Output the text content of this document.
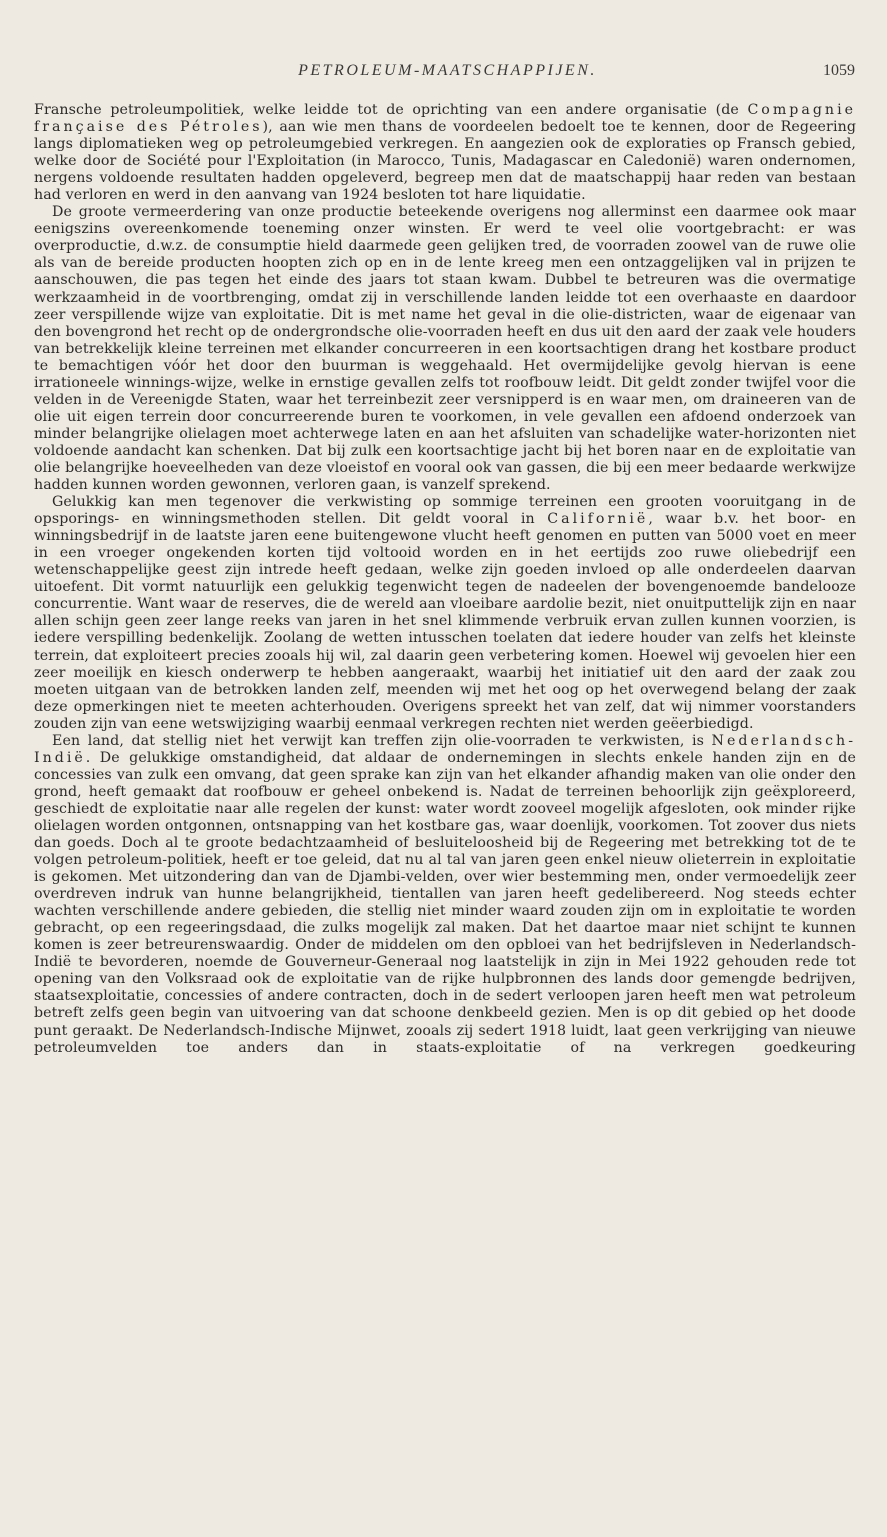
PETROLEUM-MAATSCHAPPIJEN.	1059

Fransche petroleumpolitiek, welke leidde tot de oprichting van een andere organisatie (de Compagnie française des Pétroles), aan wie men thans de voordeelen bedoelt toe te kennen, door de Regeering langs diplomatieken weg op petroleumgebied verkregen. En aangezien ook de exploraties op Fransch gebied, welke door de Société pour l'Exploitation (in Marocco, Tunis, Madagascar en Caledonië) waren ondernomen, nergens voldoende resultaten hadden opgeleverd, begreep men dat de maatschappij haar reden van bestaan had verloren en werd in den aanvang van 1924 besloten tot hare liquidatie.

De groote vermeerdering van onze productie beteekende overigens nog allerminst een daarmee ook maar eenigszins overeenkomende toeneming onzer winsten. Er werd te veel olie voortgebracht: er was overproductie, d.w.z. de consumptie hield daarmede geen gelijken tred, de voorraden zoowel van de ruwe olie als van de bereide producten hoopten zich op en in de lente kreeg men een ontzaggelijken val in prijzen te aanschouwen, die pas tegen het einde des jaars tot staan kwam. Dubbel te betreuren was die overmatige werkzaamheid in de voortbrenging, omdat zij in verschillende landen leidde tot een overhaaste en daardoor zeer verspillende wijze van exploitatie. Dit is met name het geval in die olie-districten, waar de eigenaar van den bovengrond het recht op de ondergrondsche olie-voorraden heeft en dus uit den aard der zaak vele houders van betrekkelijk kleine terreinen met elkander concurreeren in een koortsachtigen drang het kostbare product te bemachtigen vóór het door den buurman is weggehaald. Het overmijdelijke gevolg hiervan is eene irrationeele winnings-wijze, welke in ernstige gevallen zelfs tot roofbouw leidt. Dit geldt zonder twijfel voor die velden in de Vereenigde Staten, waar het terreinbezit zeer versnipperd is en waar men, om draineeren van de olie uit eigen terrein door concurreerende buren te voorkomen, in vele gevallen een afdoend onderzoek van minder belangrijke olielagen moet achterwege laten en aan het afsluiten van schadelijke water-horizonten niet voldoende aandacht kan schenken. Dat bij zulk een koortsachtige jacht bij het boren naar en de exploitatie van olie belangrijke hoeveelheden van deze vloeistof en vooral ook van gassen, die bij een meer bedaarde werkwijze hadden kunnen worden gewonnen, verloren gaan, is vanzelf sprekend.

Gelukkig kan men tegenover die verkwisting op sommige terreinen een grooten vooruitgang in de opsporings- en winningsmethoden stellen. Dit geldt vooral in Californië, waar b.v. het boor- en winningsbedrijf in de laatste jaren eene buitengewone vlucht heeft genomen en putten van 5000 voet en meer in een vroeger ongekenden korten tijd voltooid worden en in het eertijds zoo ruwe oliebedrijf een wetenschappelijke geest zijn intrede heeft gedaan, welke zijn goeden invloed op alle onderdeelen daarvan uitoefent. Dit vormt natuurlijk een gelukkig tegenwicht tegen de nadeelen der bovengenoemde bandelooze concurrentie. Want waar de reserves, die de wereld aan vloeibare aardolie bezit, niet onuitputtelijk zijn en naar allen schijn geen zeer lange reeks van jaren in het snel klimmende verbruik ervan zullen kunnen voorzien, is iedere verspilling bedenkelijk. Zoolang de wetten intusschen toelaten dat iedere houder van zelfs het kleinste terrein, dat exploiteert precies zooals hij wil, zal daarin geen verbetering komen. Hoewel wij gevoelen hier een zeer moeilijk en kiesch onderwerp te hebben aangeraakt, waarbij het initiatief uit den aard der zaak zou moeten uitgaan van de betrokken landen zelf, meenden wij met het oog op het overwegend belang der zaak deze opmerkingen niet te meeten achterhouden. Overigens spreekt het van zelf, dat wij nimmer voorstanders zouden zijn van eene wetswijziging waarbij eenmaal verkregen rechten niet werden geëerbiedigd.

Een land, dat stellig niet het verwijt kan treffen zijn olie-voorraden te verkwisten, is Nederlandsch-Indië. De gelukkige omstandigheid, dat aldaar de ondernemingen in slechts enkele handen zijn en de concessies van zulk een omvang, dat geen sprake kan zijn van het elkander afhandig maken van olie onder den grond, heeft gemaakt dat roofbouw er geheel onbekend is. Nadat de terreinen behoorlijk zijn geëxploreerd, geschiedt de exploitatie naar alle regelen der kunst: water wordt zooveel mogelijk afgesloten, ook minder rijke olielagen worden ontgonnen, ontsnapping van het kostbare gas, waar doenlijk, voorkomen. Tot zoover dus niets dan goeds. Doch al te groote bedachtzaamheid of besluiteloosheid bij de Regeering met betrekking tot de te volgen petroleum-politiek, heeft er toe geleid, dat nu al tal van jaren geen enkel nieuw olieterrein in exploitatie is gekomen. Met uitzondering dan van de Djambi-velden, over wier bestemming men, onder vermoedelijk zeer overdreven indruk van hunne belangrijkheid, tientallen van jaren heeft gedelibereerd. Nog steeds echter wachten verschillende andere gebieden, die stellig niet minder waard zouden zijn om in exploitatie te worden gebracht, op een regeeringsdaad, die zulks mogelijk zal maken. Dat het daartoe maar niet schijnt te kunnen komen is zeer betreurenswaardig. Onder de middelen om den opbloei van het bedrijfsleven in Nederlandsch-Indië te bevorderen, noemde de Gouverneur-Generaal nog laatstelijk in zijn in Mei 1922 gehouden rede tot opening van den Volksraad ook de exploitatie van de rijke hulpbronnen des lands door gemengde bedrijven, staatsexploitatie, concessies of andere contracten, doch in de sedert verloopen jaren heeft men wat petroleum betreft zelfs geen begin van uitvoering van dat schoone denkbeeld gezien. Men is op dit gebied op het doode punt geraakt. De Nederlandsch-Indische Mijnwet, zooals zij sedert 1918 luidt, laat geen verkrijging van nieuwe petroleumvelden toe anders dan in staats-exploitatie of na verkregen goedkeuring
